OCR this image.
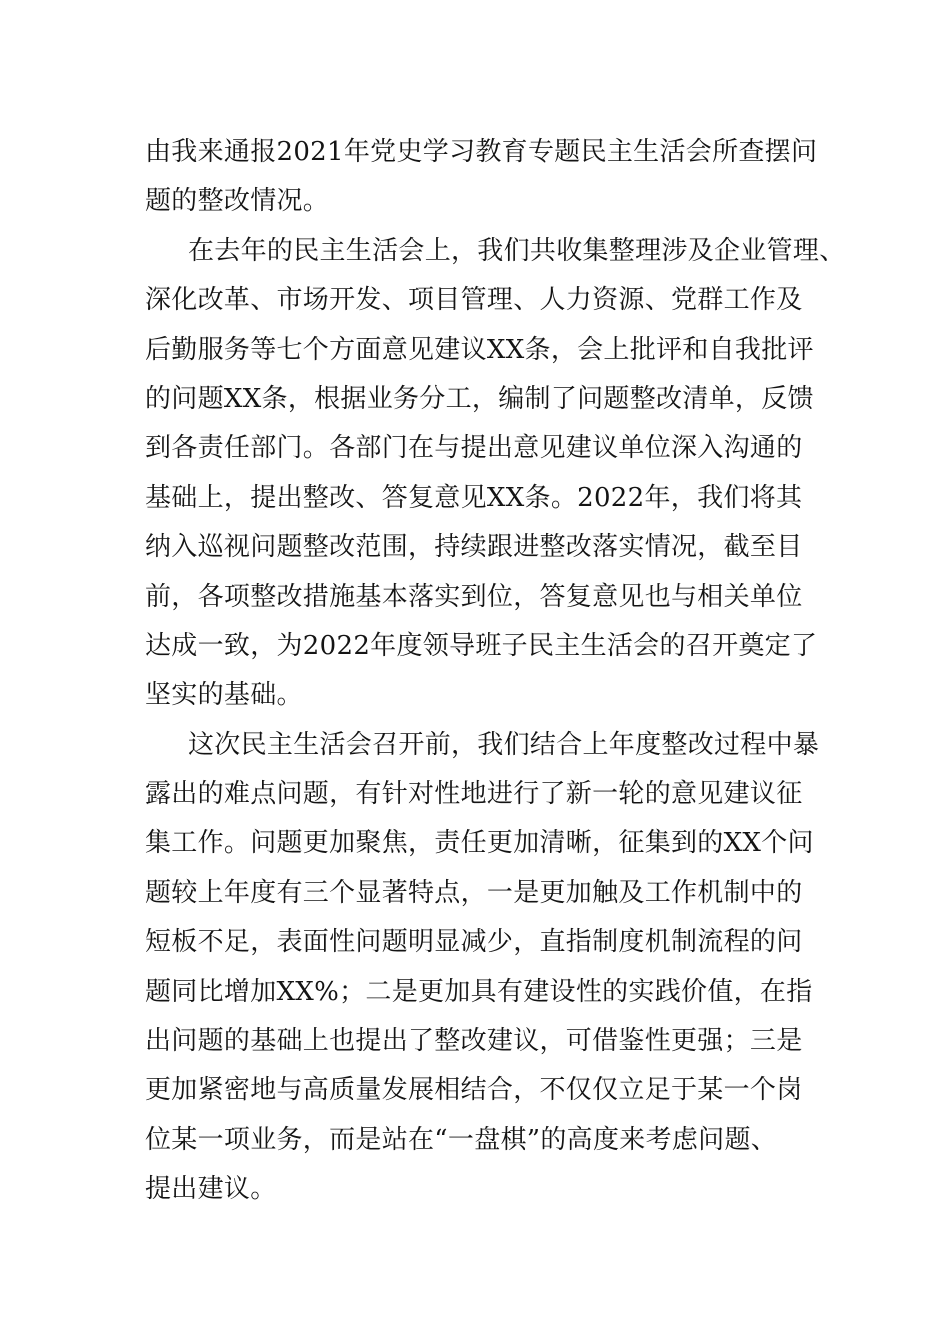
由我来通报2021年党史学习教育专题民主生活会所查摆问
题的整改情况。
在去年的民主生活会上，我们共收集整理涉及企业管理、
深化改革、市场开发、项目管理、人力资源、党群工作及
后勤服务等七个方面意见建议XX条，会上批评和自我批评
的问题XX条，根据业务分工，编制了问题整改清单，反馈
到各责任部门。各部门在与提出意见建议单位深入沟通的
基础上，提出整改、答复意见XX条。2022年，我们将其
纳入巡视问题整改范围，持续跟进整改落实情况，截至目
前，各项整改措施基本落实到位，答复意见也与相关单位
达成一致，为2022年度领导班子民主生活会的召开奠定了
坚实的基础。
这次民主生活会召开前，我们结合上年度整改过程中暴
露出的难点问题，有针对性地进行了新一轮的意见建议征
集工作。问题更加聚焦，责任更加清晰，征集到的XX个问
题较上年度有三个显著特点，一是更加触及工作机制中的
短板不足，表面性问题明显减少，直指制度机制流程的问
题同比增加XX%；二是更加具有建设性的实践价值，在指
出问题的基础上也提出了整改建议，可借鉴性更强；三是
更加紧密地与高质量发展相结合，不仅仅立足于某一个岗
位某一项业务，而是站在“一盘棋”的高度来考虑问题、
提出建议。
